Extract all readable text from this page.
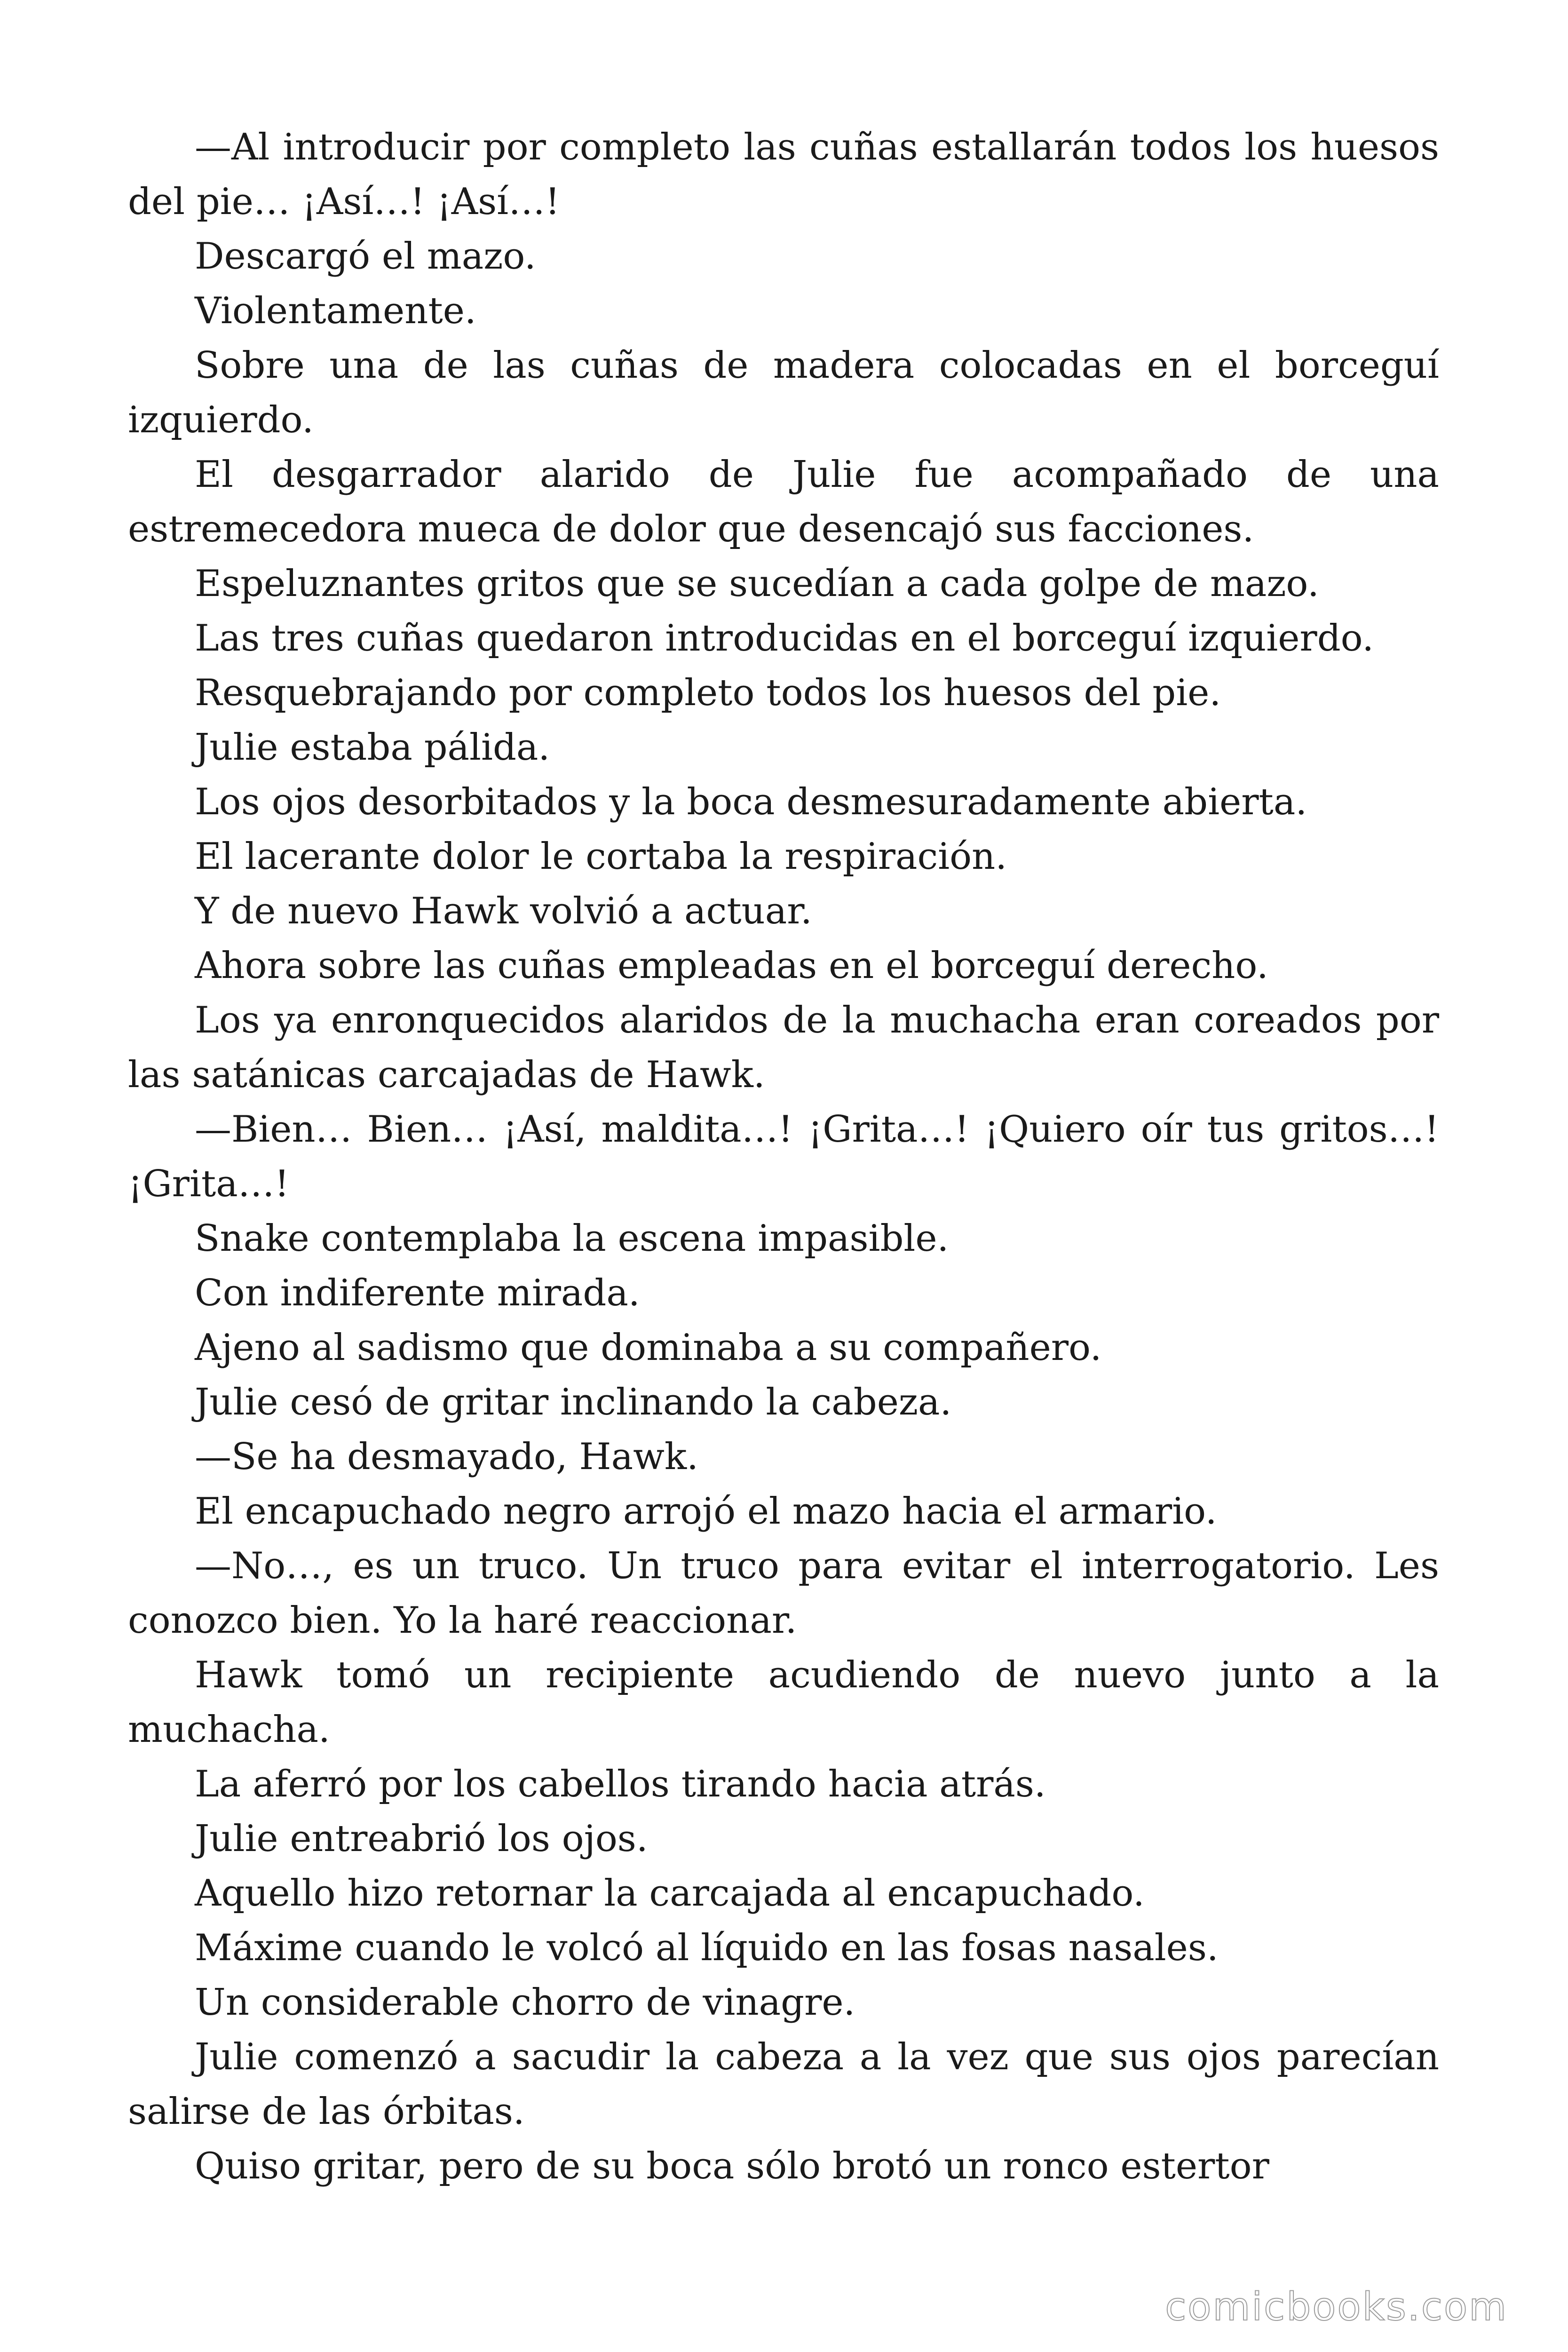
—Al introducir por completo las cuñas estallarán todos los huesos del pie… ¡Así…! ¡Así…!

Descargó el mazo.

Violentamente.

Sobre una de las cuñas de madera colocadas en el borceguí izquierdo.

El desgarrador alarido de Julie fue acompañado de una estremecedora mueca de dolor que desencajó sus facciones.

Espeluznantes gritos que se sucedían a cada golpe de mazo.

Las tres cuñas quedaron introducidas en el borceguí izquierdo.

Resquebrajando por completo todos los huesos del pie.

Julie estaba pálida.

Los ojos desorbitados y la boca desmesuradamente abierta.

El lacerante dolor le cortaba la respiración.

Y de nuevo Hawk volvió a actuar.

Ahora sobre las cuñas empleadas en el borceguí derecho.

Los ya enronquecidos alaridos de la muchacha eran coreados por las satánicas carcajadas de Hawk.

—Bien… Bien… ¡Así, maldita…! ¡Grita…! ¡Quiero oír tus gritos…! ¡Grita…!

Snake contemplaba la escena impasible.

Con indiferente mirada.

Ajeno al sadismo que dominaba a su compañero.

Julie cesó de gritar inclinando la cabeza.

—Se ha desmayado, Hawk.

El encapuchado negro arrojó el mazo hacia el armario.

—No…, es un truco. Un truco para evitar el interrogatorio. Les conozco bien. Yo la haré reaccionar.

Hawk tomó un recipiente acudiendo de nuevo junto a la muchacha.

La aferró por los cabellos tirando hacia atrás.

Julie entreabrió los ojos.

Aquello hizo retornar la carcajada al encapuchado.

Máxime cuando le volcó al líquido en las fosas nasales.

Un considerable chorro de vinagre.

Julie comenzó a sacudir la cabeza a la vez que sus ojos parecían salirse de las órbitas.

Quiso gritar, pero de su boca sólo brotó un ronco estertor

comicbooks.com
